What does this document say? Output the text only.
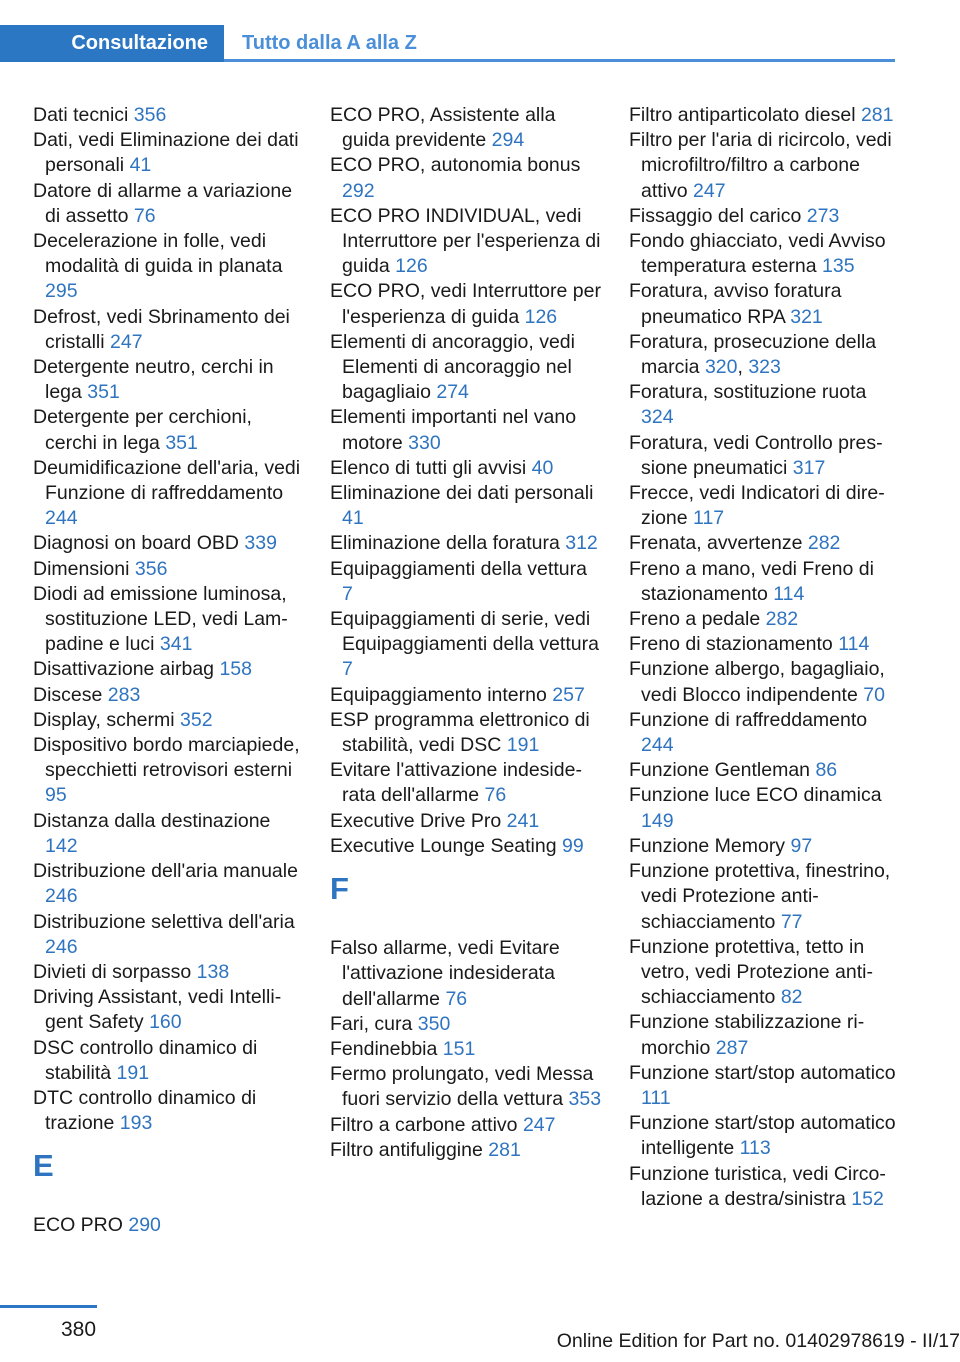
Consultazione	Tutto dalla A alla Z
Dati tecnici 356
Dati, vedi Eliminazione dei dati personali 41
Datore di allarme a variazione di assetto 76
Decelerazione in folle, vedi modalità di guida in planata 295
Defrost, vedi Sbrinamento dei cristalli 247
Detergente neutro, cerchi in lega 351
Detergente per cerchioni, cerchi in lega 351
Deumidificazione dell'aria, vedi Funzione di raffreddamento 244
Diagnosi on board OBD 339
Dimensioni 356
Diodi ad emissione luminosa, sostituzione LED, vedi Lampadine e luci 341
Disattivazione airbag 158
Discese 283
Display, schermi 352
Dispositivo bordo marciapiede, specchietti retrovisori esterni 95
Distanza dalla destinazione 142
Distribuzione dell'aria manuale 246
Distribuzione selettiva dell'aria 246
Divieti di sorpasso 138
Driving Assistant, vedi Intelligent Safety 160
DSC controllo dinamico di stabilità 191
DTC controllo dinamico di trazione 193
E
ECO PRO 290
ECO PRO, Assistente alla guida previdente 294
ECO PRO, autonomia bonus 292
ECO PRO INDIVIDUAL, vedi Interruttore per l'esperienza di guida 126
ECO PRO, vedi Interruttore per l'esperienza di guida 126
Elementi di ancoraggio, vedi Elementi di ancoraggio nel bagagliaio 274
Elementi importanti nel vano motore 330
Elenco di tutti gli avvisi 40
Eliminazione dei dati personali 41
Eliminazione della foratura 312
Equipaggiamenti della vettura 7
Equipaggiamenti di serie, vedi Equipaggiamenti della vettura 7
Equipaggiamento interno 257
ESP programma elettronico di stabilità, vedi DSC 191
Evitare l'attivazione indesiderata dell'allarme 76
Executive Drive Pro 241
Executive Lounge Seating 99
F
Falso allarme, vedi Evitare l'attivazione indesiderata dell'allarme 76
Fari, cura 350
Fendinebbia 151
Fermo prolungato, vedi Messa fuori servizio della vettura 353
Filtro a carbone attivo 247
Filtro antifuliggine 281
Filtro antiparticolato diesel 281
Filtro per l'aria di ricircolo, vedi microfiltro/filtro a carbone attivo 247
Fissaggio del carico 273
Fondo ghiacciato, vedi Avviso temperatura esterna 135
Foratura, avviso foratura pneumatico RPA 321
Foratura, prosecuzione della marcia 320, 323
Foratura, sostituzione ruota 324
Foratura, vedi Controllo pressione pneumatici 317
Frecce, vedi Indicatori di direzione 117
Frenata, avvertenze 282
Freno a mano, vedi Freno di stazionamento 114
Freno a pedale 282
Freno di stazionamento 114
Funzione albergo, bagagliaio, vedi Blocco indipendente 70
Funzione di raffreddamento 244
Funzione Gentleman 86
Funzione luce ECO dinamica 149
Funzione Memory 97
Funzione protettiva, finestrino, vedi Protezione antischiacciamento 77
Funzione protettiva, tetto in vetro, vedi Protezione antischiacciamento 82
Funzione stabilizzazione rimorchio 287
Funzione start/stop automatico 111
Funzione start/stop automatico intelligente 113
Funzione turistica, vedi Circolazione a destra/sinistra 152
380	Online Edition for Part no. 01402978619 - II/17
